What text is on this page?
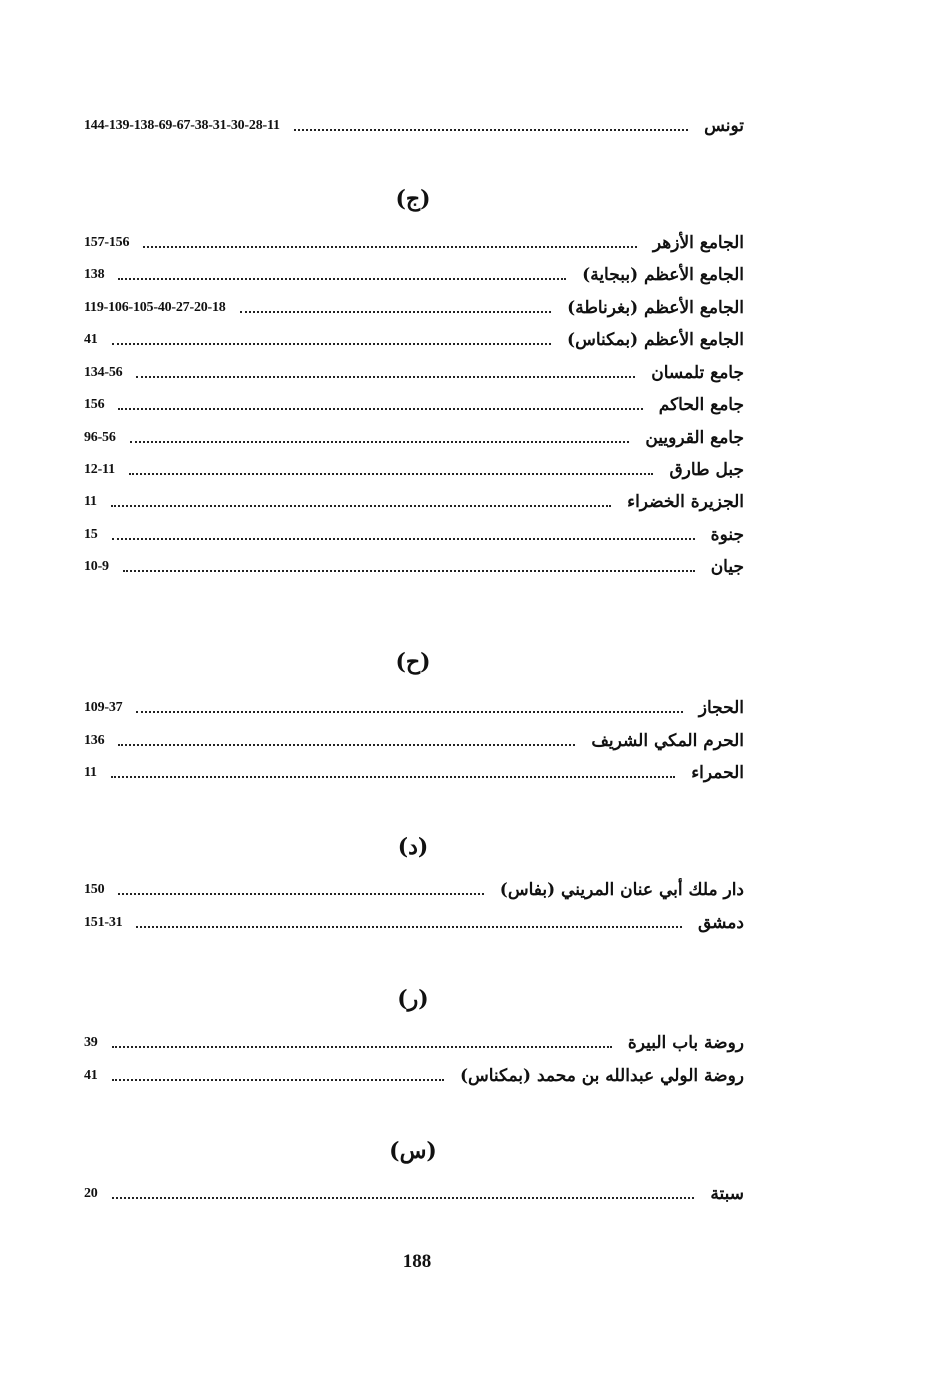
تونس
144-139-138-69-67-38-31-30-28-11
(ج)
الجامع الأزهر
157-156
الجامع الأعظم (ببجاية)
138
الجامع الأعظم (بغرناطة)
119-106-105-40-27-20-18
الجامع الأعظم (بمكناس)
41
جامع تلمسان
134-56
جامع الحاكم
156
جامع القرويين
96-56
جبل طارق
12-11
الجزيرة الخضراء
11
جنوة
15
جيان
10-9
(ح)
الحجاز
109-37
الحرم المكي الشريف
136
الحمراء
11
(د)
دار ملك أبي عنان المريني (بفاس)
150
دمشق
151-31
(ر)
روضة باب البيرة
39
روضة الولي عبدالله بن محمد (بمكناس)
41
(س)
سبتة
20
188
